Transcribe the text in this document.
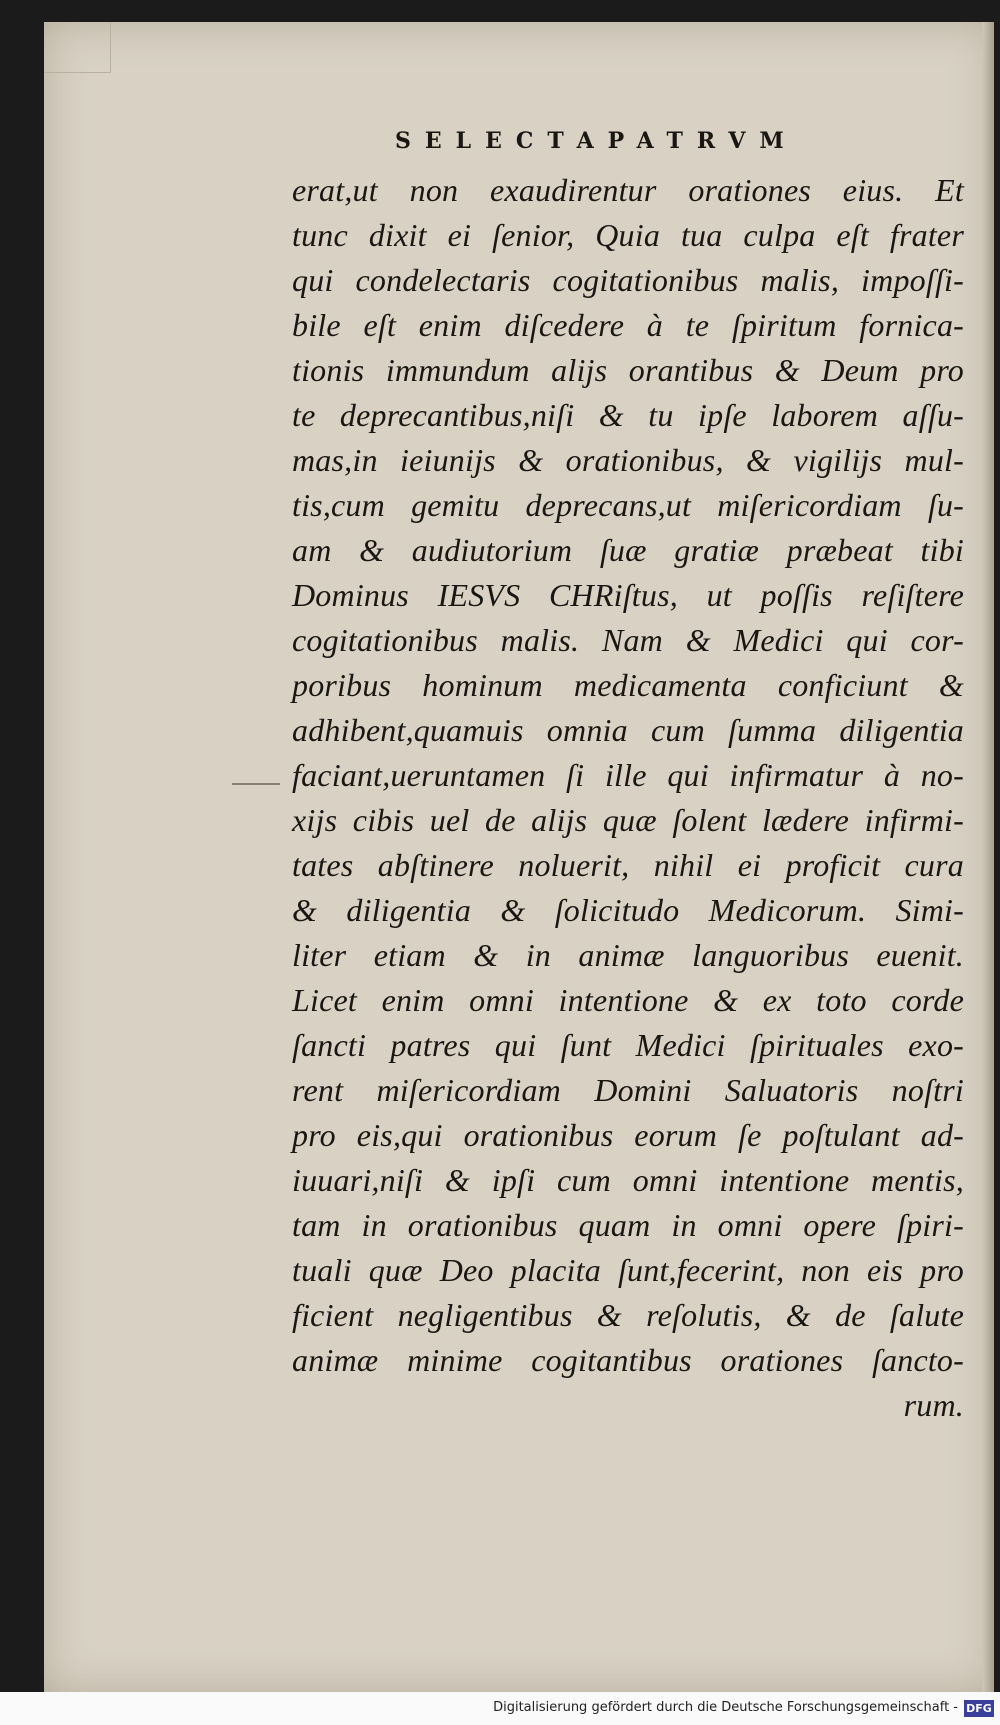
SELECTAPATRVM
erat,ut non exaudirentur orationes eius. Et
tunc dixit ei ſenior, Quia tua culpa eſt frater
qui condelectaris cogitationibus malis, impoſſi-
bile eſt enim diſcedere à te ſpiritum fornica-
tionis immundum alijs orantibus & Deum pro
te deprecantibus,niſi & tu ipſe laborem aſſu-
mas,in ieiunijs & orationibus, & vigilijs mul-
tis,cum gemitu deprecans,ut miſericordiam ſu-
am & audiutorium ſuæ gratiæ præbeat tibi
Dominus IESVS CHRiſtus, ut poſſis reſiſtere
cogitationibus malis. Nam & Medici qui cor-
poribus hominum medicamenta conficiunt &
adhibent,quamuis omnia cum ſumma diligentia
faciant,ueruntamen ſi ille qui infirmatur à no-
xijs cibis uel de alijs quæ ſolent lædere infirmi-
tates abſtinere noluerit, nihil ei proficit cura
& diligentia & ſolicitudo Medicorum. Simi-
liter etiam & in animæ languoribus euenit.
Licet enim omni intentione & ex toto corde
ſancti patres qui ſunt Medici ſpirituales exo-
rent miſericordiam Domini Saluatoris noſtri
pro eis,qui orationibus eorum ſe poſtulant ad-
iuuari,niſi & ipſi cum omni intentione mentis,
tam in orationibus quam in omni opere ſpiri-
tuali quæ Deo placita ſunt,fecerint, non eis pro
ficient negligentibus & reſolutis, & de ſalute
animæ minime cogitantibus orationes ſancto-
rum.
Digitalisierung gefördert durch die Deutsche Forschungsgemeinschaft - DFG
